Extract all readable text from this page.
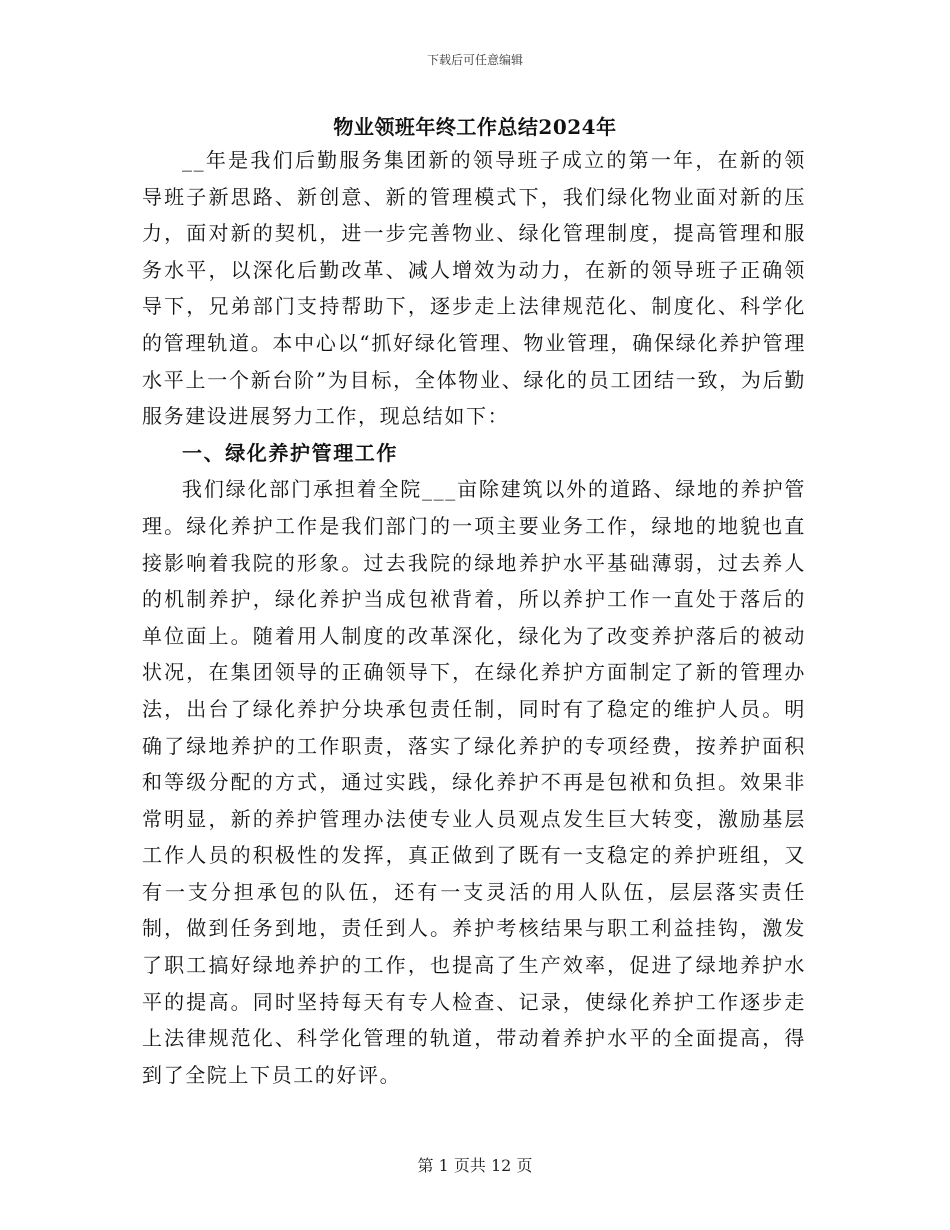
下载后可任意编辑
物业领班年终工作总结2024年

__年是我们后勤服务集团新的领导班子成立的第一年，在新的领导班子新思路、新创意、新的管理模式下，我们绿化物业面对新的压力，面对新的契机，进一步完善物业、绿化管理制度，提高管理和服务水平，以深化后勤改革、减人增效为动力，在新的领导班子正确领导下，兄弟部门支持帮助下，逐步走上法律规范化、制度化、科学化的管理轨道。本中心以“抓好绿化管理、物业管理，确保绿化养护管理水平上一个新台阶”为目标，全体物业、绿化的员工团结一致，为后勤服务建设进展努力工作，现总结如下：

一、绿化养护管理工作

我们绿化部门承担着全院___亩除建筑以外的道路、绿地的养护管理。绿化养护工作是我们部门的一项主要业务工作，绿地的地貌也直接影响着我院的形象。过去我院的绿地养护水平基础薄弱，过去养人的机制养护，绿化养护当成包袱背着，所以养护工作一直处于落后的单位面上。随着用人制度的改革深化，绿化为了改变养护落后的被动状况，在集团领导的正确领导下，在绿化养护方面制定了新的管理办法，出台了绿化养护分块承包责任制，同时有了稳定的维护人员。明确了绿地养护的工作职责，落实了绿化养护的专项经费，按养护面积和等级分配的方式，通过实践，绿化养护不再是包袱和负担。效果非常明显，新的养护管理办法使专业人员观点发生巨大转变，激励基层工作人员的积极性的发挥，真正做到了既有一支稳定的养护班组，又有一支分担承包的队伍，还有一支灵活的用人队伍，层层落实责任制，做到任务到地，责任到人。养护考核结果与职工利益挂钩，激发了职工搞好绿地养护的工作，也提高了生产效率，促进了绿地养护水平的提高。同时坚持每天有专人检查、记录，使绿化养护工作逐步走上法律规范化、科学化管理的轨道，带动着养护水平的全面提高，得到了全院上下员工的好评。

第 1 页共 12 页
